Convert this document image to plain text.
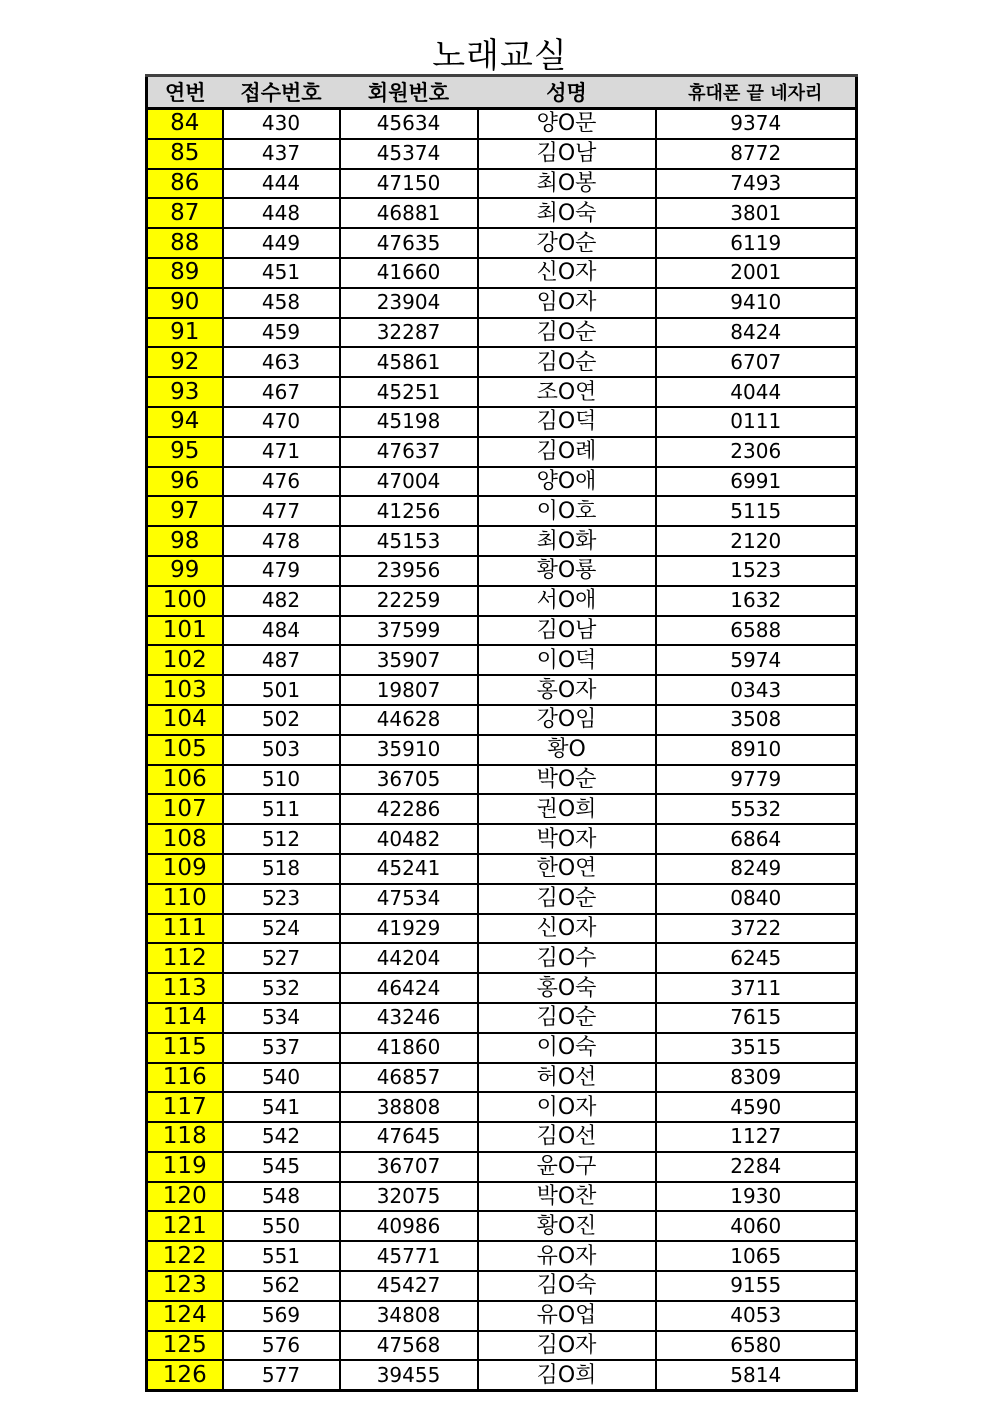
노래교실
연번	접수번호	회원번호	성명	휴대폰 끝 네자리
84	430	45634	양O문	9374
85	437	45374	김O남	8772
86	444	47150	최O봉	7493
87	448	46881	최O숙	3801
88	449	47635	강O순	6119
89	451	41660	신O자	2001
90	458	23904	임O자	9410
91	459	32287	김O순	8424
92	463	45861	김O순	6707
93	467	45251	조O연	4044
94	470	45198	김O덕	0111
95	471	47637	김O례	2306
96	476	47004	양O애	6991
97	477	41256	이O호	5115
98	478	45153	최O화	2120
99	479	23956	황O룡	1523
100	482	22259	서O애	1632
101	484	37599	김O남	6588
102	487	35907	이O덕	5974
103	501	19807	홍O자	0343
104	502	44628	강O임	3508
105	503	35910	황O	8910
106	510	36705	박O순	9779
107	511	42286	권O희	5532
108	512	40482	박O자	6864
109	518	45241	한O연	8249
110	523	47534	김O순	0840
111	524	41929	신O자	3722
112	527	44204	김O수	6245
113	532	46424	홍O숙	3711
114	534	43246	김O순	7615
115	537	41860	이O숙	3515
116	540	46857	허O선	8309
117	541	38808	이O자	4590
118	542	47645	김O선	1127
119	545	36707	윤O구	2284
120	548	32075	박O찬	1930
121	550	40986	황O진	4060
122	551	45771	유O자	1065
123	562	45427	김O숙	9155
124	569	34808	유O업	4053
125	576	47568	김O자	6580
126	577	39455	김O희	5814
